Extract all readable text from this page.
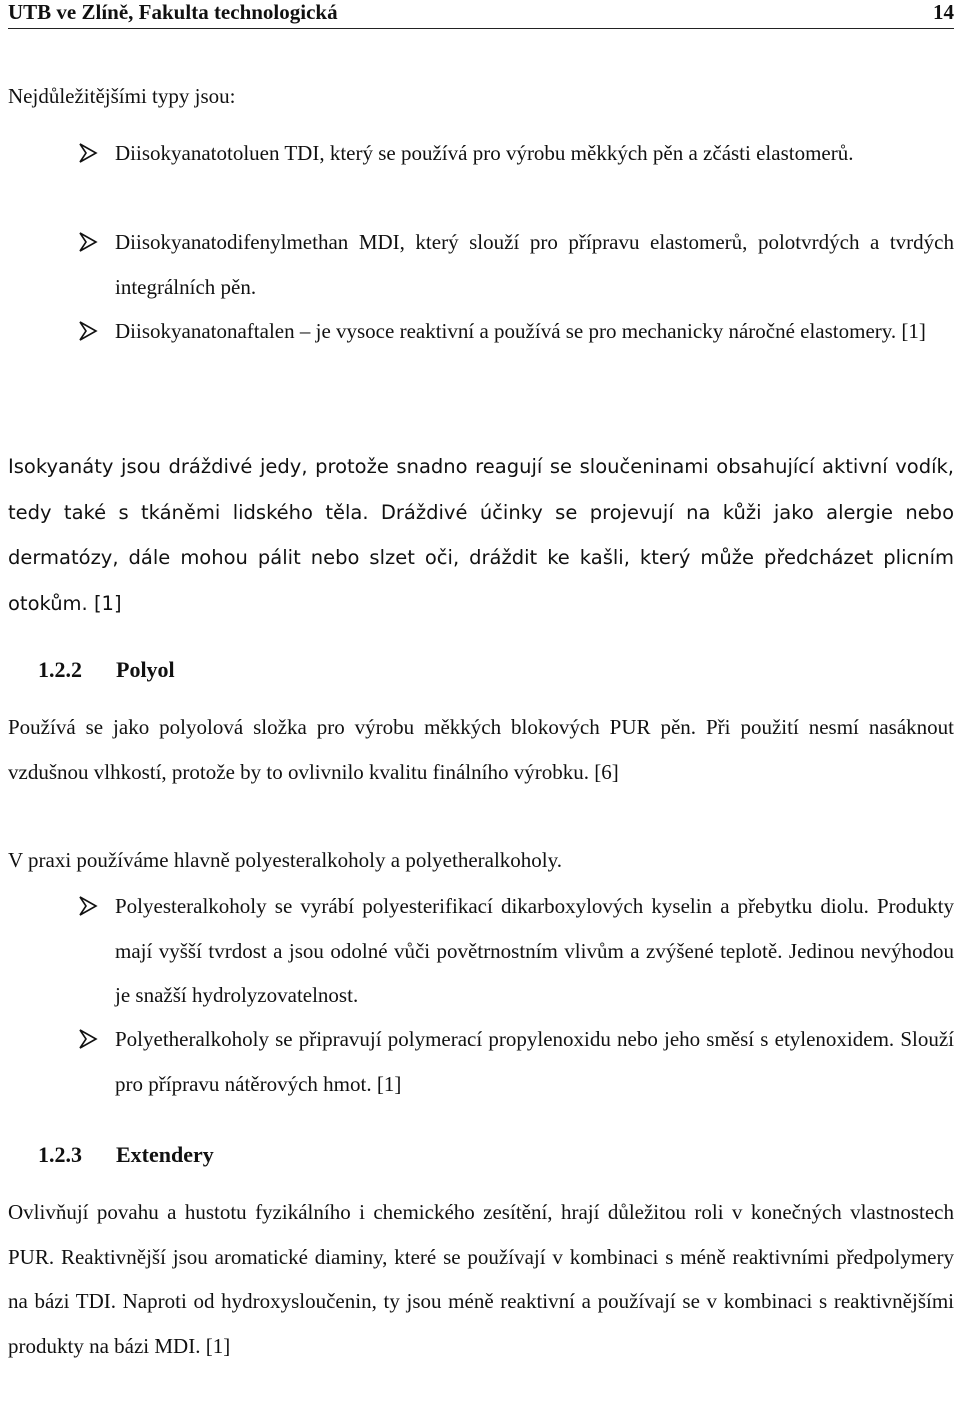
UTB ve Zlíně, Fakulta technologická	14
Nejdůležitějšími typy jsou:
Diisokyanatotoluen TDI, který se používá pro výrobu měkkých pěn a zčásti elastomerů.
Diisokyanatodifenylmethan MDI, který slouží pro přípravu elastomerů, polotvrdých a tvrdých integrálních pěn.
Diisokyanatonaftalen – je vysoce reaktivní a používá se pro mechanicky náročné elastomery. [1]
Isokyanáty jsou dráždivé jedy, protože snadno reagují se sloučeninami obsahující aktivní vodík, tedy také s tkáněmi lidského těla. Dráždivé účinky se projevují na kůži jako alergie nebo dermatózy, dále mohou pálit nebo slzet oči, dráždit ke kašli, který může předcházet plicním otokům. [1]
1.2.2 Polyol
Používá se jako polyolová složka pro výrobu měkkých blokových PUR pěn. Při použití nesmí nasáknout vzdušnou vlhkostí, protože by to ovlivnilo kvalitu finálního výrobku. [6]
V praxi používáme hlavně polyesteralkoholy a polyetheralkoholy.
Polyesteralkoholy se vyrábí polyesterifikací dikarboxylových kyselin a přebytku diolu. Produkty mají vyšší tvrdost a jsou odolné vůči povětrnostním vlivům a zvýšené teplotě. Jedinou nevýhodou je snažší hydrolyzovatelnost.
Polyetheralkoholy se připravují polymerací propylenoxidu nebo jeho směsí s etylenoxidem. Slouží pro přípravu nátěrových hmot. [1]
1.2.3 Extendery
Ovlivňují povahu a hustotu fyzikálního i chemického zesítění, hrají důležitou roli v konečných vlastnostech PUR. Reaktivnější jsou aromatické diaminy, které se používají v kombinaci s méně reaktivními předpolymery na bázi TDI. Naproti od hydroxysloučenin, ty jsou méně reaktivní a používají se v kombinaci s reaktivnějšími produkty na bázi MDI. [1]
